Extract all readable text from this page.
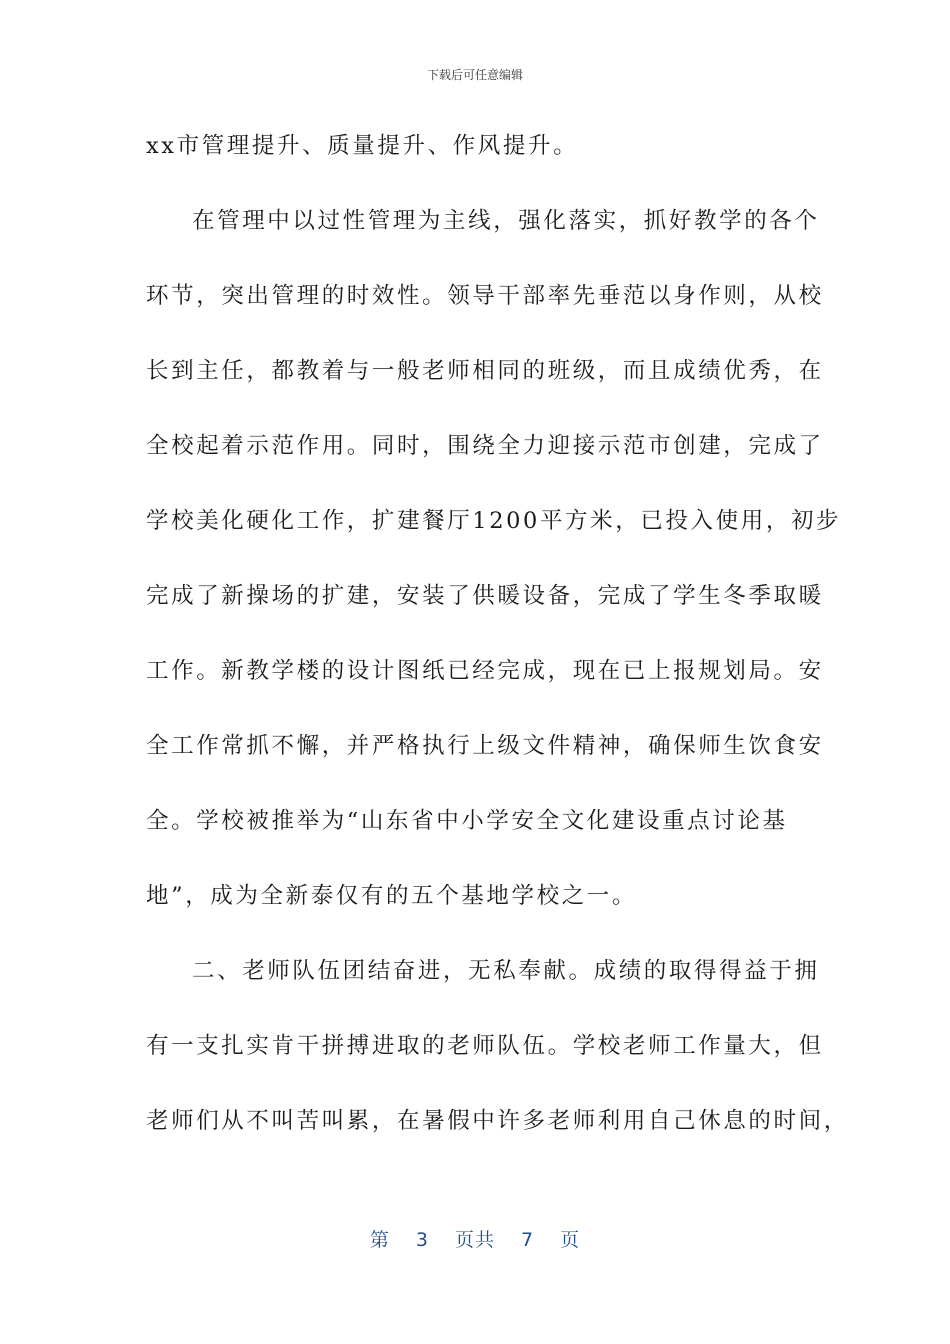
下载后可任意编辑
xx市管理提升、质量提升、作风提升。
在管理中以过性管理为主线，强化落实，抓好教学的各个
环节，突出管理的时效性。领导干部率先垂范以身作则，从校
长到主任，都教着与一般老师相同的班级，而且成绩优秀，在
全校起着示范作用。同时，围绕全力迎接示范市创建，完成了
学校美化硬化工作，扩建餐厅1200平方米，已投入使用，初步
完成了新操场的扩建，安装了供暖设备，完成了学生冬季取暖
工作。新教学楼的设计图纸已经完成，现在已上报规划局。安
全工作常抓不懈，并严格执行上级文件精神，确保师生饮食安
全。学校被推举为“山东省中小学安全文化建设重点讨论基
地”，成为全新泰仅有的五个基地学校之一。
二、老师队伍团结奋进，无私奉献。成绩的取得得益于拥
有一支扎实肯干拼搏进取的老师队伍。学校老师工作量大，但
老师们从不叫苦叫累，在暑假中许多老师利用自己休息的时间，
第 3 页共 7 页
